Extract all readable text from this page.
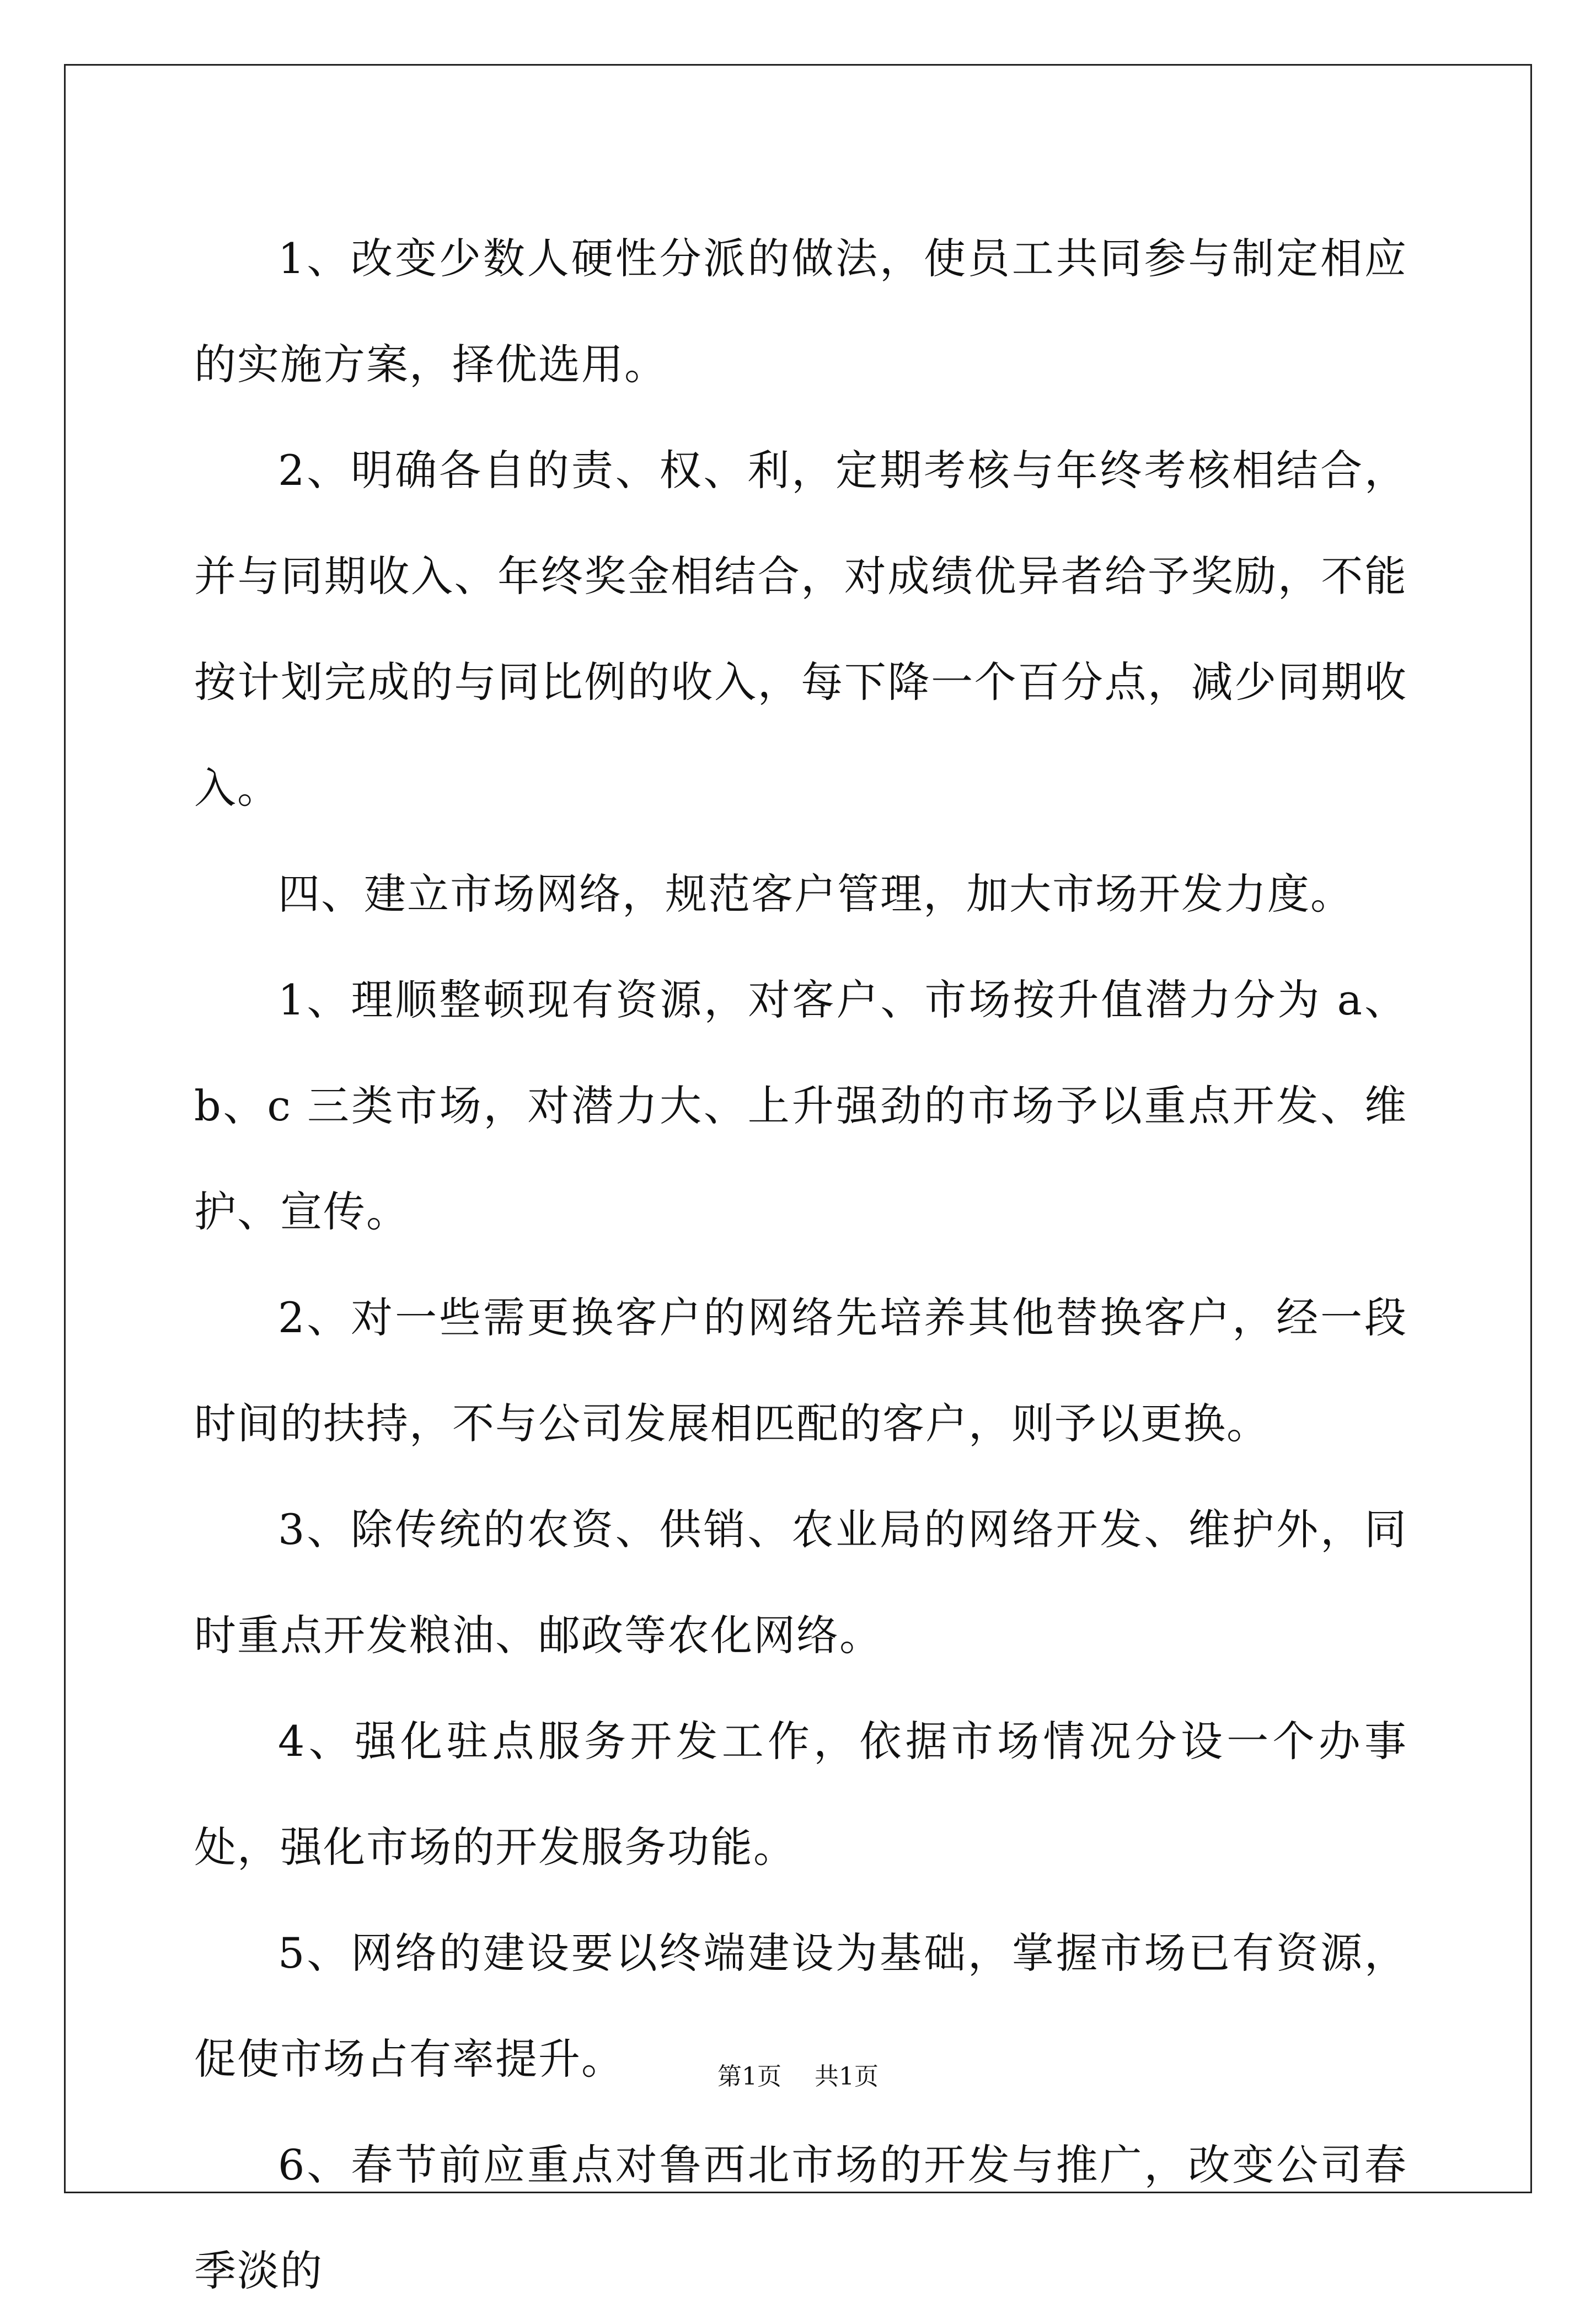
1、改变少数人硬性分派的做法，使员工共同参与制定相应的实施方案，择优选用。

2、明确各自的责、权、利，定期考核与年终考核相结合，并与同期收入、年终奖金相结合，对成绩优异者给予奖励，不能按计划完成的与同比例的收入，每下降一个百分点，减少同期收入。

四、建立市场网络，规范客户管理，加大市场开发力度。

1、理顺整顿现有资源，对客户、市场按升值潜力分为 a、b、c 三类市场，对潜力大、上升强劲的市场予以重点开发、维护、宣传。

2、对一些需更换客户的网络先培养其他替换客户，经一段时间的扶持，不与公司发展相匹配的客户，则予以更换。

3、除传统的农资、供销、农业局的网络开发、维护外，同时重点开发粮油、邮政等农化网络。

4、强化驻点服务开发工作，依据市场情况分设一个办事处，强化市场的开发服务功能。

5、网络的建设要以终端建设为基础，掌握市场已有资源，促使市场占有率提升。

6、春节前应重点对鲁西北市场的开发与推广，改变公司春季淡的

第1页 共1页
